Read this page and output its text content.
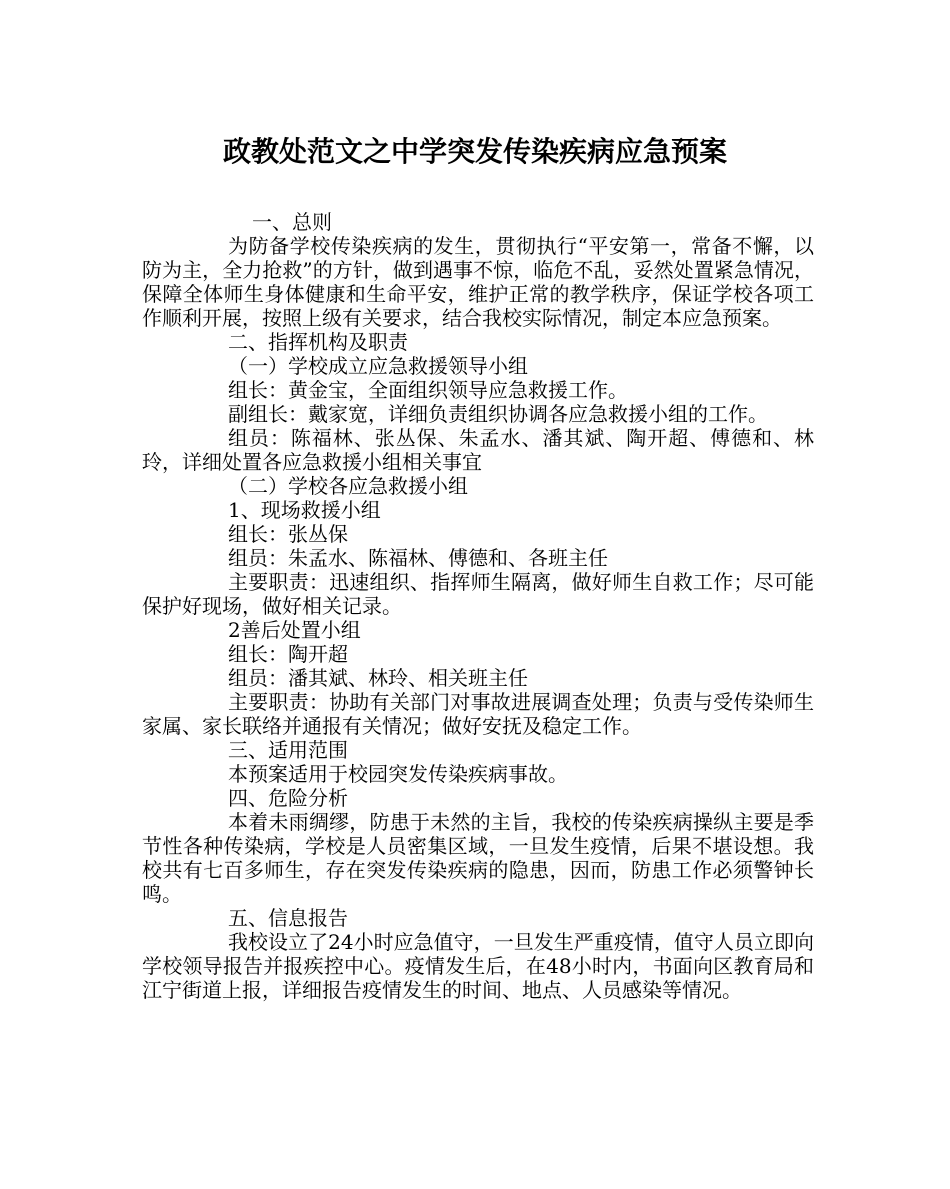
政教处范文之中学突发传染疾病应急预案

一、总则

为防备学校传染疾病的发生，贯彻执行“平安第一，常备不懈，以防为主，全力抢救”的方针，做到遇事不惊，临危不乱，妥然处置紧急情况，保障全体师生身体健康和生命平安，维护正常的教学秩序，保证学校各项工作顺利开展，按照上级有关要求，结合我校实际情况，制定本应急预案。

二、指挥机构及职责

（一）学校成立应急救援领导小组

组长：黄金宝，全面组织领导应急救援工作。

副组长：戴家宽，详细负责组织协调各应急救援小组的工作。

组员：陈福林、张丛保、朱孟水、潘其斌、陶开超、傅德和、林玲，详细处置各应急救援小组相关事宜

（二）学校各应急救援小组

1、现场救援小组

组长：张丛保

组员：朱孟水、陈福林、傅德和、各班主任

主要职责：迅速组织、指挥师生隔离，做好师生自救工作；尽可能保护好现场，做好相关记录。

2善后处置小组

组长：陶开超

组员：潘其斌、林玲、相关班主任

主要职责：协助有关部门对事故进展调查处理；负责与受传染师生家属、家长联络并通报有关情况；做好安抚及稳定工作。

三、适用范围

本预案适用于校园突发传染疾病事故。

四、危险分析

本着未雨绸缪，防患于未然的主旨，我校的传染疾病操纵主要是季节性各种传染病，学校是人员密集区域，一旦发生疫情，后果不堪设想。我校共有七百多师生，存在突发传染疾病的隐患，因而，防患工作必须警钟长鸣。

五、信息报告

我校设立了24小时应急值守，一旦发生严重疫情，值守人员立即向学校领导报告并报疾控中心。疫情发生后，在48小时内，书面向区教育局和江宁街道上报，详细报告疫情发生的时间、地点、人员感染等情况。
